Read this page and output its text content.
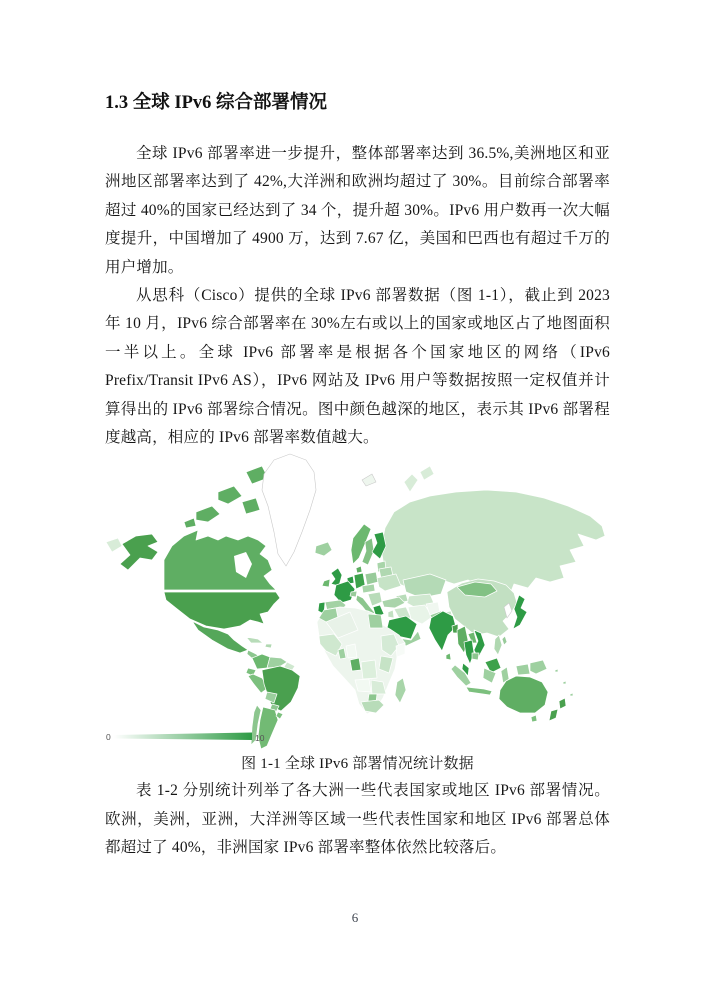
1.3 全球 IPv6 综合部署情况

全球 IPv6 部署率进一步提升，整体部署率达到 36.5%,美洲地区和亚洲地区部署率达到了 42%,大洋洲和欧洲均超过了 30%。目前综合部署率超过 40%的国家已经达到了 34 个，提升超 30%。IPv6 用户数再一次大幅度提升，中国增加了 4900 万，达到 7.67 亿，美国和巴西也有超过千万的用户增加。

从思科（Cisco）提供的全球 IPv6 部署数据（图 1-1），截止到 2023 年 10 月，IPv6 综合部署率在 30%左右或以上的国家或地区占了地图面积一半以上。全球 IPv6 部署率是根据各个国家地区的网络（IPv6 Prefix/Transit IPv6 AS），IPv6 网站及 IPv6 用户等数据按照一定权值并计算得出的 IPv6 部署综合情况。图中颜色越深的地区，表示其 IPv6 部署程度越高，相应的 IPv6 部署率数值越大。

0	10
图 1-1 全球 IPv6 部署情况统计数据

表 1-2 分别统计列举了各大洲一些代表国家或地区 IPv6 部署情况。欧洲，美洲，亚洲，大洋洲等区域一些代表性国家和地区 IPv6 部署总体都超过了 40%，非洲国家 IPv6 部署率整体依然比较落后。

6
